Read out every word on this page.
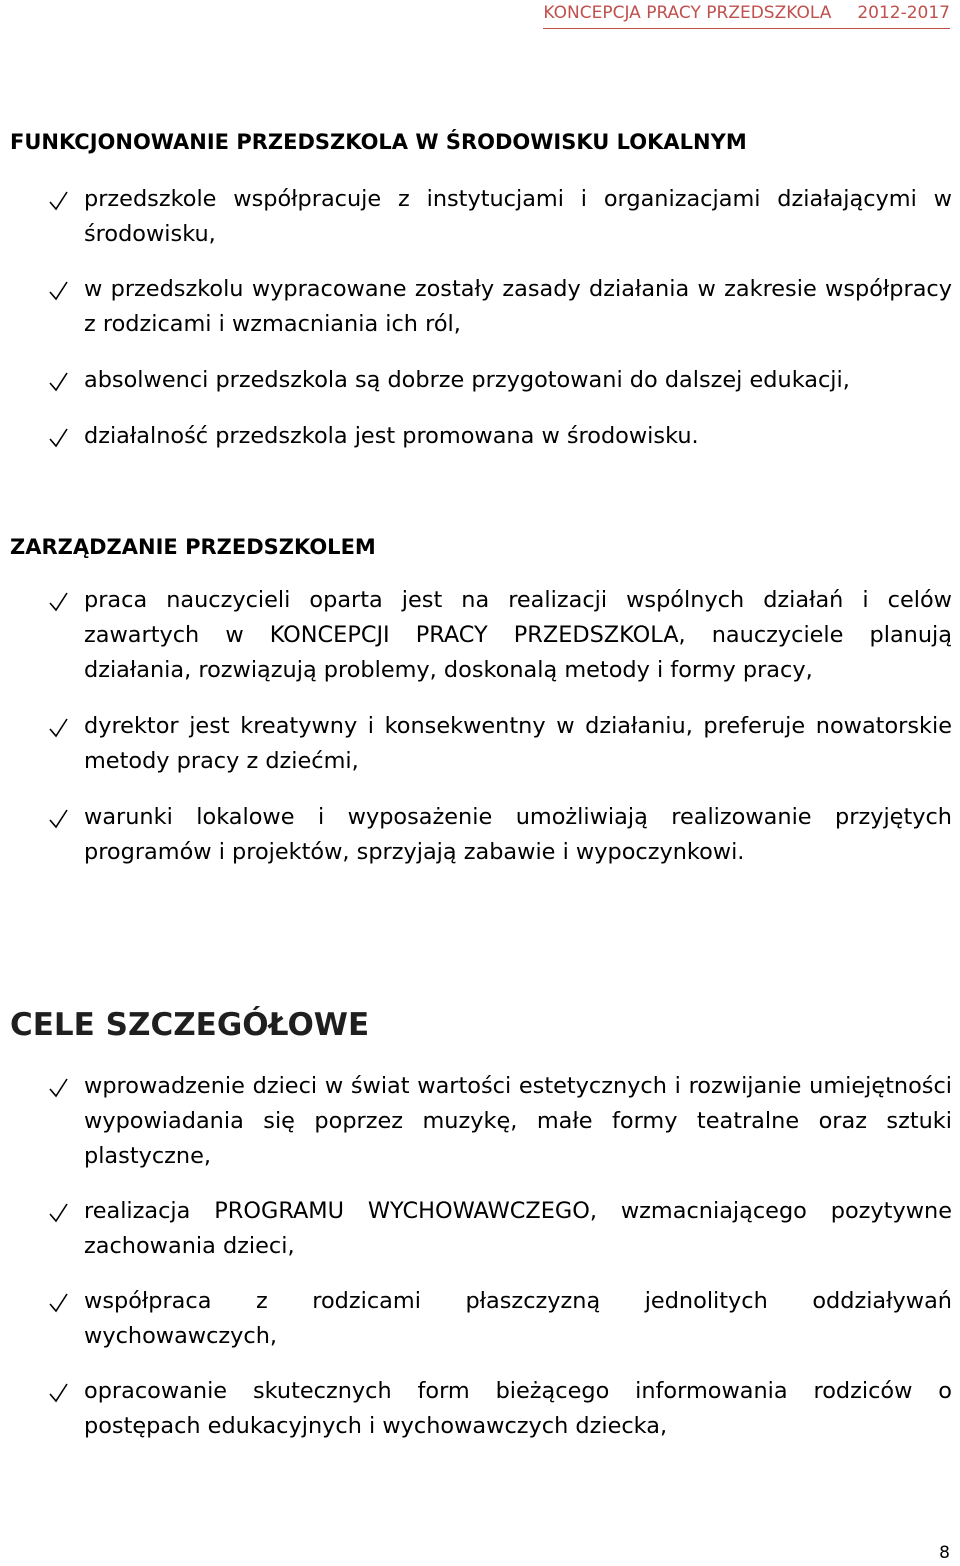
KONCEPCJA PRACY PRZEDSZKOLA 2012-2017
FUNKCJONOWANIE PRZEDSZKOLA W ŚRODOWISKU LOKALNYM
przedszkole współpracuje z instytucjami i organizacjami działającymi w środowisku,
w przedszkolu wypracowane zostały zasady działania w zakresie współpracy z rodzicami i wzmacniania ich ról,
absolwenci przedszkola są dobrze przygotowani do dalszej edukacji,
działalność przedszkola jest promowana w środowisku.
ZARZĄDZANIE PRZEDSZKOLEM
praca nauczycieli oparta jest na realizacji wspólnych działań i celów zawartych w KONCEPCJI PRACY PRZEDSZKOLA, nauczyciele planują działania, rozwiązują problemy, doskonalą metody i formy pracy,
dyrektor jest kreatywny i konsekwentny w działaniu, preferuje nowatorskie metody pracy z dziećmi,
warunki lokalowe i wyposażenie umożliwiają realizowanie przyjętych programów i projektów, sprzyjają zabawie i wypoczynkowi.
CELE SZCZEGÓŁOWE
wprowadzenie dzieci w świat wartości estetycznych i rozwijanie umiejętności wypowiadania się poprzez muzykę, małe formy teatralne oraz sztuki plastyczne,
realizacja PROGRAMU WYCHOWAWCZEGO, wzmacniającego pozytywne zachowania dzieci,
współpraca z rodzicami płaszczyzną jednolitych oddziaływań wychowawczych,
opracowanie skutecznych form bieżącego informowania rodziców o postępach edukacyjnych i wychowawczych dziecka,
8
